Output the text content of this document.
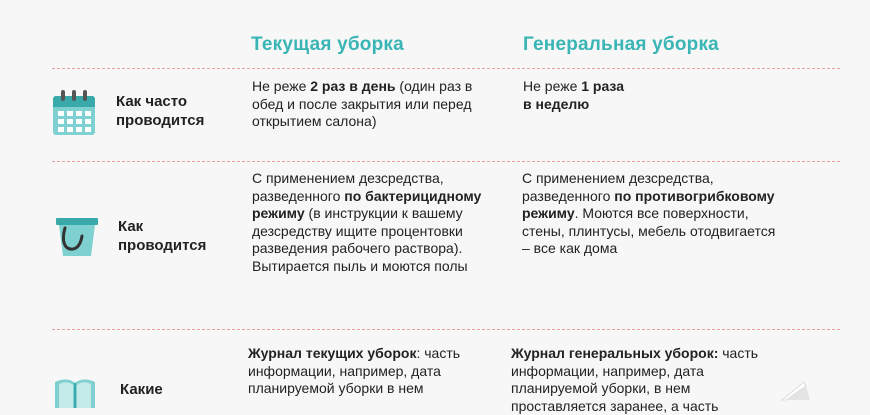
Текущая уборка	Генеральная уборка
Как часто
проводится
Не реже 2 раз в день (один раз в обед и после закрытия или перед открытием салона)
Не реже 1 раза
в неделю
Как
проводится
С применением дезсредства, разведенного по бактерицидному режиму (в инструкции к вашему дезсредству ищите процентовки разведения рабочего раствора). Вытирается пыль и моются полы
С применением дезсредства, разведенного по противогрибковому режиму. Моются все поверхности, стены, плинтусы, мебель отодвигается – все как дома
Какие
Журнал текущих уборок: часть информации, например, дата планируемой уборки в нем
Журнал генеральных уборок: часть информации, например, дата планируемой уборки, в нем проставляется заранее, а часть
